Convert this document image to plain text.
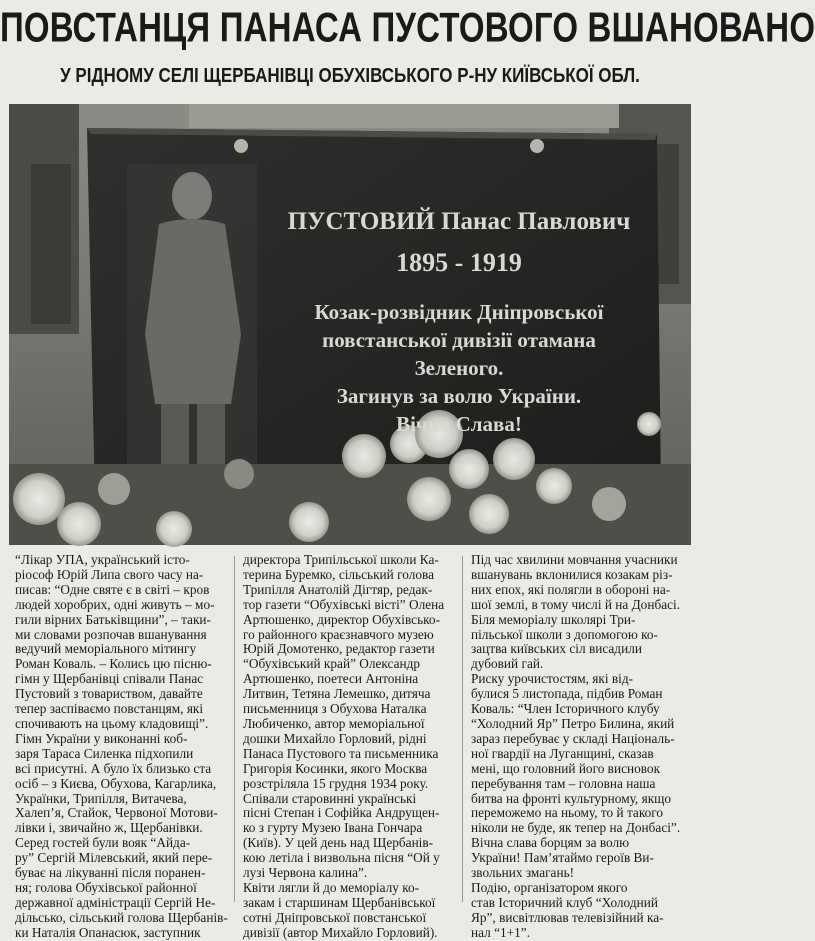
ПОВСТАНЦЯ ПАНАСА ПУСТОВОГО ВШАНОВАНО
У РІДНОМУ СЕЛІ ЩЕРБАНІВЦІ ОБУХІВСЬКОГО Р-НУ КИЇВСЬКОЇ ОБЛ.
ПУСТОВИЙ Панас Павлович
1895 - 1919
Козак-розвідник Дніпровської
повстанської дивізії отамана
Зеленого.
Загинув за волю України.
Вічна Слава!

“Лікар УПА, український істо-

ріософ Юрій Липа свого часу на-

писав: “Одне святе є в світі – кров

людей хоробрих, одні живуть – мо-

гили вірних Батьківщини”, – таки-

ми словами розпочав вшанування

ведучий меморіального мітингу

Роман Коваль. – Колись цю пісню-

гімн у Щербанівці співали Панас

Пустовий з товариством, давайте

тепер заспіваємо повстанцям, які

спочивають на цьому кладовищі”.

Гімн України у виконанні коб-

заря Тараса Силенка підхопили

всі присутні. А було їх близько ста

осіб – з Києва, Обухова, Кагарлика,

Українки, Трипілля, Витачева,

Халеп’я, Стайок, Червоної Мотови-

лівки і, звичайно ж, Щербанівки.

Серед гостей були вояк “Айда-

ру” Сергій Мілевський, який пере-

буває на лікуванні після поранен-

ня; голова Обухівської районної

державної адміністрації Сергій Не-

дільсько, сільський голова Щербанів-

ки Наталія Опанасюк, заступник

директора Трипільської школи Ка-

терина Буремко, сільський голова

Трипілля Анатолій Дігтяр, редак-

тор газети “Обухівські вісті” Олена

Артюшенко, директор Обухівсько-

го районного краєзнавчого музею

Юрій Домотенко, редактор газети

“Обухівський край” Олександр

Артюшенко, поетеси Антоніна

Литвин, Тетяна Лемешко, дитяча

письменниця з Обухова Наталка

Любиченко, автор меморіальної

дошки Михайло Горловий, рідні

Панаса Пустового та письменника

Григорія Косинки, якого Москва

розстріляла 15 грудня 1934 року.

Співали старовинні українські

пісні Степан і Софійка Андрущен-

ко з гурту Музею Івана Гончара

(Київ). У цей день над Щербанів-

кою летіла і визвольна пісня “Ой у

лузі Червона калина”.

Квіти лягли й до меморіалу ко-

закам і старшинам Щербанівської

сотні Дніпровської повстанської

дивізії (автор Михайло Горловий).

Під час хвилини мовчання учасники

вшанувань вклонилися козакам різ-

них епох, які полягли в обороні на-

шої землі, в тому числі й на Донбасі.

Біля меморіалу школярі Три-

пільської школи з допомогою ко-

зацтва київських сіл висадили

дубовий гай.

Риску урочистостям, які від-

булися 5 листопада, підбив Роман

Коваль: “Член Історичного клубу

“Холодний Яр” Петро Билина, який

зараз перебуває у складі Національ-

ної гвардії на Луганщині, сказав

мені, що головний його висновок

перебування там – головна наша

битва на фронті культурному, якщо

переможемо на ньому, то й такого

ніколи не буде, як тепер на Донбасі”.

Вічна слава борцям за волю

України! Пам’ятаймо героїв Ви-

звольних змагань!

Подію, організатором якого

став Історичний клуб “Холодний

Яр”, висвітлював телевізійний ка-

нал “1+1”.
